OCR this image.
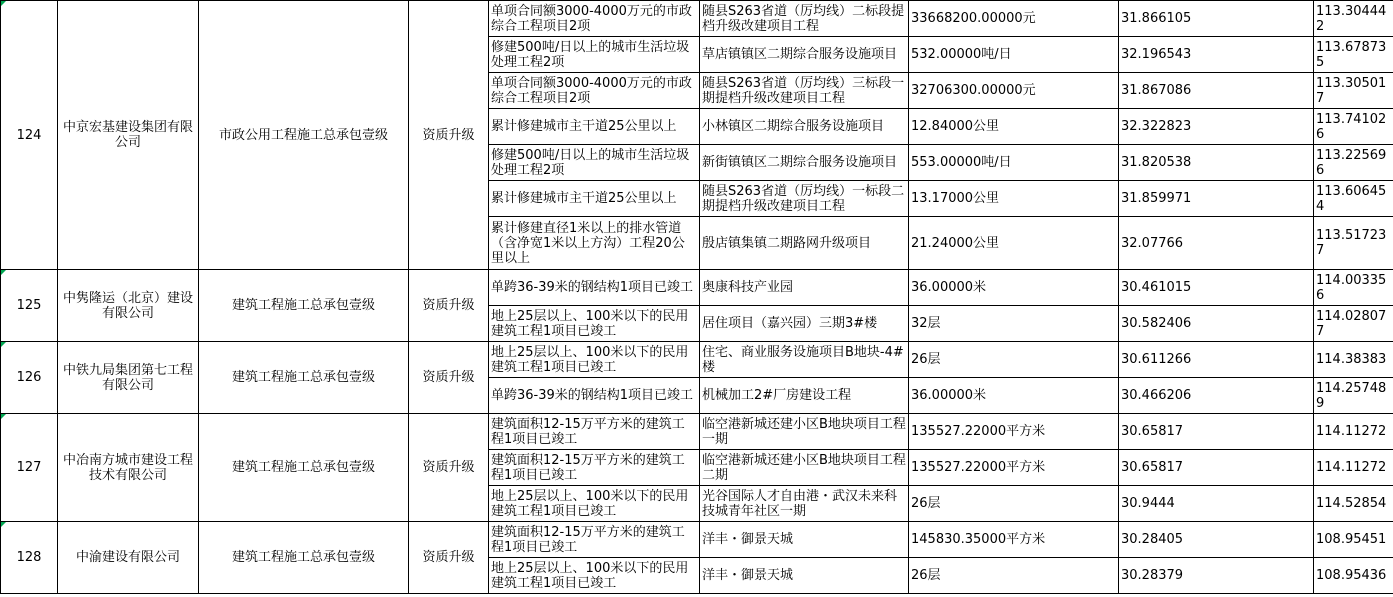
124	中京宏基建设集团有限公司	市政公用工程施工总承包壹级	资质升级	单项合同额3000-4000万元的市政综合工程项目2项	随县S263省道（厉均线）二标段提档升级改建项目工程	33668200.00000元	31.866105	113.304442
				修建500吨/日以上的城市生活垃圾处理工程2项	草店镇镇区二期综合服务设施项目	532.00000吨/日	32.196543	113.678735
				单项合同额3000-4000万元的市政综合工程项目2项	随县S263省道（厉均线）三标段一期提档升级改建项目工程	32706300.00000元	31.867086	113.305017
				累计修建城市主干道25公里以上	小林镇区二期综合服务设施项目	12.84000公里	32.322823	113.741026
				修建500吨/日以上的城市生活垃圾处理工程2项	新街镇镇区二期综合服务设施项目	553.00000吨/日	31.820538	113.225696
				累计修建城市主干道25公里以上	随县S263省道（厉均线）一标段二期提档升级改建项目工程	13.17000公里	31.859971	113.606454
				累计修建直径1米以上的排水管道（含净宽1米以上方沟）工程20公里以上	殷店镇集镇二期路网升级项目	21.24000公里	32.07766	113.517237
125	中隽隆运（北京）建设有限公司	建筑工程施工总承包壹级	资质升级	单跨36-39米的钢结构1项目已竣工	奥康科技产业园	36.00000米	30.461015	114.003356
				地上25层以上、100米以下的民用建筑工程1项目已竣工	居住项目（嘉兴园）三期3#楼	32层	30.582406	114.028077
126	中铁九局集团第七工程有限公司	建筑工程施工总承包壹级	资质升级	地上25层以上、100米以下的民用建筑工程1项目已竣工	住宅、商业服务设施项目B地块-4#楼	26层	30.611266	114.38383
				单跨36-39米的钢结构1项目已竣工	机械加工2#厂房建设工程	36.00000米	30.466206	114.257489
127	中冶南方城市建设工程技术有限公司	建筑工程施工总承包壹级	资质升级	建筑面积12-15万平方米的建筑工程1项目已竣工	临空港新城还建小区B地块项目工程一期	135527.22000平方米	30.65817	114.11272
				建筑面积12-15万平方米的建筑工程1项目已竣工	临空港新城还建小区B地块项目工程二期	135527.22000平方米	30.65817	114.11272
				地上25层以上、100米以下的民用建筑工程1项目已竣工	光谷国际人才自由港・武汉未来科技城青年社区一期	26层	30.9444	114.52854
128	中渝建设有限公司	建筑工程施工总承包壹级	资质升级	建筑面积12-15万平方米的建筑工程1项目已竣工	洋丰・御景天城	145830.35000平方米	30.28405	108.95451
				地上25层以上、100米以下的民用建筑工程1项目已竣工	洋丰・御景天城	26层	30.28379	108.95436
